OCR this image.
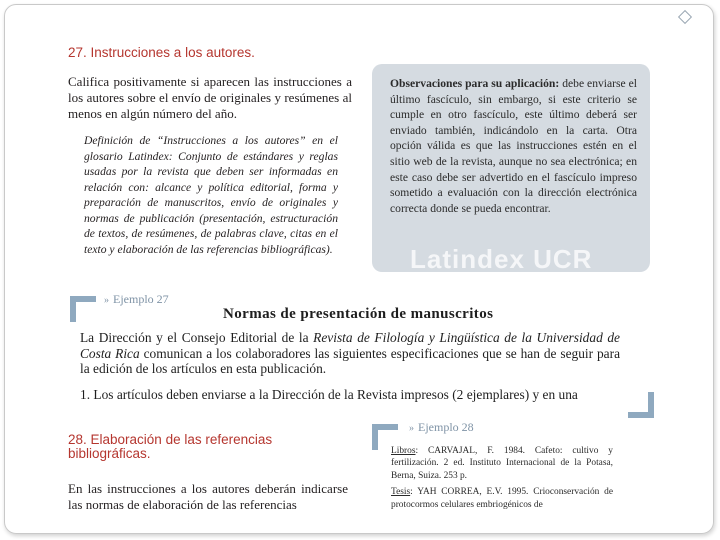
27. Instrucciones a los autores.
Califica positivamente si aparecen las instrucciones a los autores sobre el envío de originales y resúmenes al menos en algún número del año.
Definición de “Instrucciones a los autores” en el glosario Latindex: Conjunto de estándares y reglas usadas por la revista que deben ser informadas en relación con: alcance y política editorial, forma y preparación de manuscritos, envío de originales y normas de publicación (presentación, estructuración de textos, de resúmenes, de palabras clave, citas en el texto y elaboración de las referencias bibliográficas).
Observaciones para su aplicación: debe enviarse el último fascículo, sin embargo, si este criterio se cumple en otro fascículo, este último deberá ser enviado también, indicándolo en la carta. Otra opción válida es que las instrucciones estén en el sitio web de la revista, aunque no sea electrónica; en este caso debe ser advertido en el fascículo impreso sometido a evaluación con la dirección electrónica correcta donde se pueda encontrar.
Latindex UCR
» Ejemplo 27
Normas de presentación de manuscritos
La Dirección y el Consejo Editorial de la Revista de Filología y Lingüística de la Universidad de Costa Rica comunican a los colaboradores las siguientes especificaciones que se han de seguir para la edición de los artículos en esta publicación.
1. Los artículos deben enviarse a la Dirección de la Revista impresos (2 ejemplares) y en una
28. Elaboración de las referencias
bibliográficas.
En las instrucciones a los autores deberán indicarse las normas de elaboración de las referencias
» Ejemplo 28
Libros: CARVAJAL, F. 1984. Cafeto: cultivo y fertilización. 2 ed. Instituto Internacional de la Potasa, Berna, Suiza. 253 p.
Tesis: YAH CORREA, E.V. 1995. Crioconservación de protocormos celulares embriogénicos de
